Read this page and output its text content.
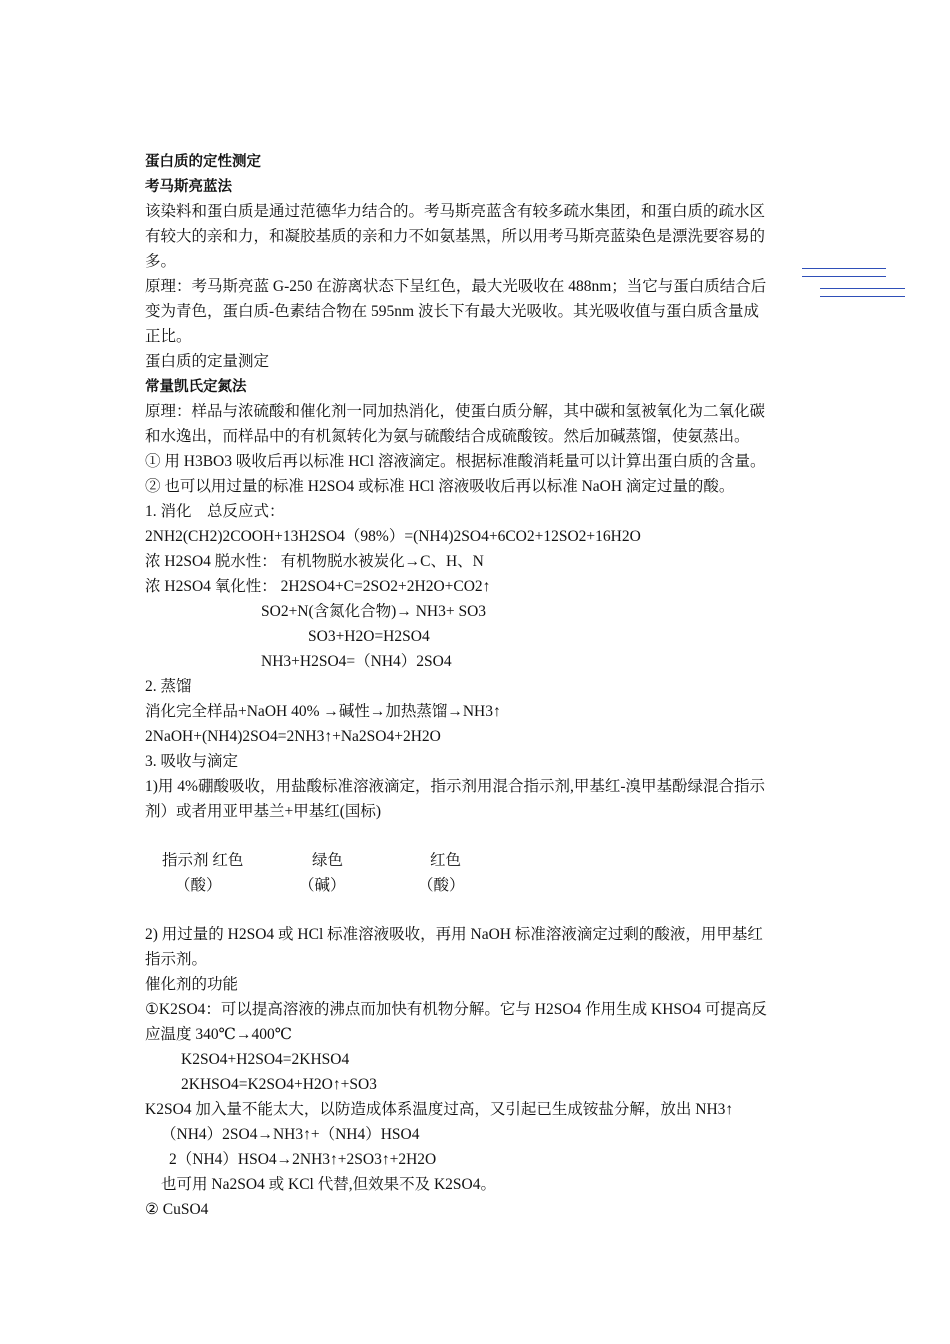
蛋白质的定性测定
考马斯亮蓝法
该染料和蛋白质是通过范德华力结合的。考马斯亮蓝含有较多疏水集团，和蛋白质的疏水区
有较大的亲和力，和凝胶基质的亲和力不如氨基黑，所以用考马斯亮蓝染色是漂洗要容易的
多。
原理：考马斯亮蓝 G-250 在游离状态下呈红色，最大光吸收在 488nm；当它与蛋白质结合后
变为青色，蛋白质-色素结合物在 595nm 波长下有最大光吸收。其光吸收值与蛋白质含量成
正比。
蛋白质的定量测定
常量凯氏定氮法
原理：样品与浓硫酸和催化剂一同加热消化，使蛋白质分解，其中碳和氢被氧化为二氧化碳
和水逸出，而样品中的有机氮转化为氨与硫酸结合成硫酸铵。然后加碱蒸馏，使氨蒸出。
① 用 H3BO3 吸收后再以标准 HCl 溶液滴定。根据标准酸消耗量可以计算出蛋白质的含量。
② 也可以用过量的标准 H2SO4 或标准 HCl 溶液吸收后再以标准 NaOH 滴定过量的酸。
1. 消化　总反应式：
2NH2(CH2)2COOH+13H2SO4（98%）=(NH4)2SO4+6CO2+12SO2+16H2O
浓 H2SO4 脱水性： 有机物脱水被炭化→C、H、N
浓 H2SO4 氧化性： 2H2SO4+C=2SO2+2H2O+CO2↑
SO2+N(含氮化合物)→ NH3+ SO3
SO3+H2O=H2SO4
NH3+H2SO4=（NH4）2SO4
2. 蒸馏
消化完全样品+NaOH 40% →碱性→加热蒸馏→NH3↑
2NaOH+(NH4)2SO4=2NH3↑+Na2SO4+2H2O
3. 吸收与滴定
1)用 4%硼酸吸收，用盐酸标准溶液滴定，指示剂用混合指示剂,甲基红-溴甲基酚绿混合指示
剂）或者用亚甲基兰+甲基红(国标)
指示剂 红色	绿色	红色
（酸）	（碱）	（酸）
2) 用过量的 H2SO4 或 HCl 标准溶液吸收，再用 NaOH 标准溶液滴定过剩的酸液，用甲基红
指示剂。
催化剂的功能
①K2SO4：可以提高溶液的沸点而加快有机物分解。它与 H2SO4 作用生成 KHSO4 可提高反
应温度 340℃→400℃
K2SO4+H2SO4=2KHSO4
2KHSO4=K2SO4+H2O↑+SO3
K2SO4 加入量不能太大，以防造成体系温度过高，又引起已生成铵盐分解，放出 NH3↑
（NH4）2SO4→NH3↑+（NH4）HSO4
2（NH4）HSO4→2NH3↑+2SO3↑+2H2O
也可用 Na2SO4 或 KCl 代替,但效果不及 K2SO4。
② CuSO4
